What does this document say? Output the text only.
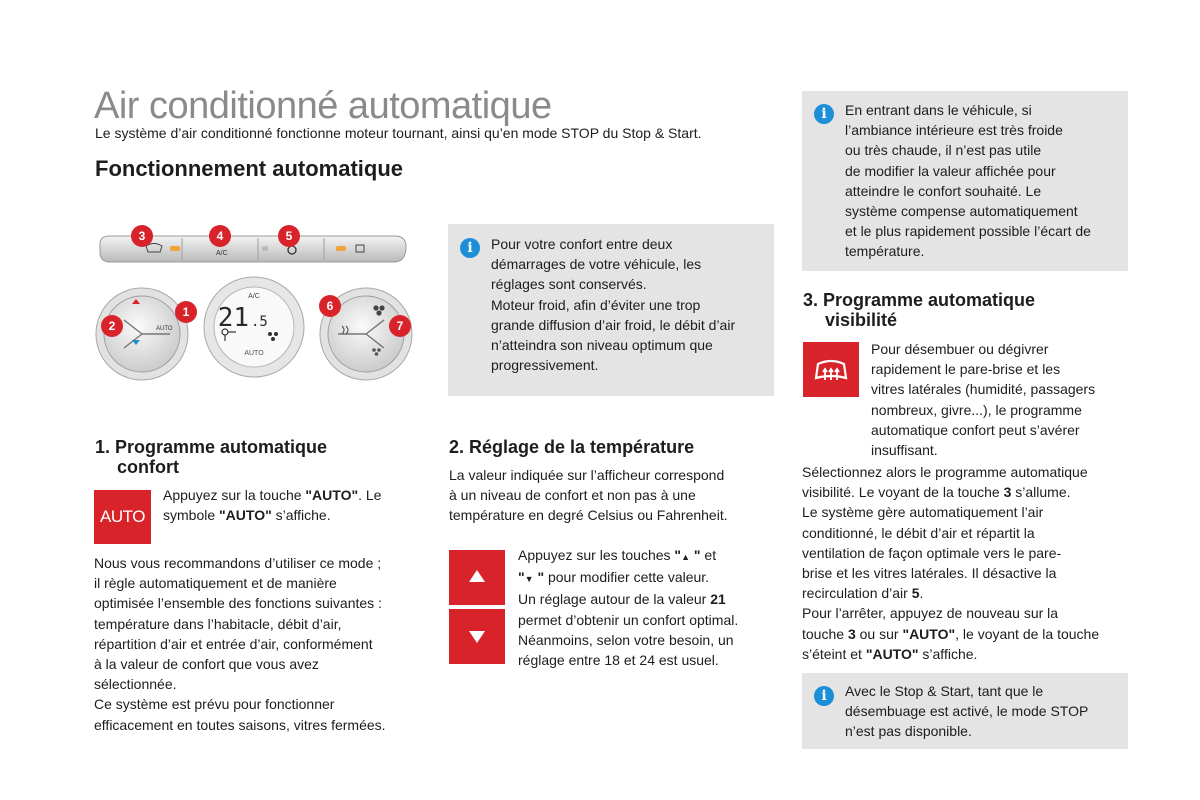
Air conditionné automatique
Le système d’air conditionné fonctionne moteur tournant, ainsi qu’en mode STOP du Stop & Start.
Fonctionnement automatique
A/C
3	4	5
AUTO
A/C
21 .5
AUTO
1
2
6
7
i	Pour votre confort entre deux

démarrages de votre véhicule, les

réglages sont conservés.

Moteur froid, afin d’éviter une trop

grande diffusion d’air froid, le débit d’air

n’atteindra son niveau optimum que

progressivement.

1. Programme automatique
confort
AUTO

Appuyez sur la touche "AUTO". Le

symbole "AUTO" s’affiche.

Nous vous recommandons d’utiliser ce mode ;

il règle automatiquement et de manière

optimisée l’ensemble des fonctions suivantes :

température dans l’habitacle, débit d’air,

répartition d’air et entrée d’air, conformément

à la valeur de confort que vous avez

sélectionnée.

Ce système est prévu pour fonctionner

efficacement en toutes saisons, vitres fermées.

2. Réglage de la température

La valeur indiquée sur l’afficheur correspond

à un niveau de confort et non pas à une

température en degré Celsius ou Fahrenheit.

Appuyez sur les touches "▲ " et

"▼ " pour modifier cette valeur.

Un réglage autour de la valeur 21

permet d’obtenir un confort optimal.

Néanmoins, selon votre besoin, un

réglage entre 18 et 24 est usuel.

i	En entrant dans le véhicule, si

l’ambiance intérieure est très froide

ou très chaude, il n’est pas utile

de modifier la valeur affichée pour

atteindre le confort souhaité. Le

système compense automatiquement

et le plus rapidement possible l’écart de

température.

3. Programme automatique
visibilité

Pour désembuer ou dégivrer

rapidement le pare-brise et les

vitres latérales (humidité, passagers

nombreux, givre...), le programme

automatique confort peut s’avérer

insuffisant.

Sélectionnez alors le programme automatique

visibilité. Le voyant de la touche 3 s’allume.

Le système gère automatiquement l’air

conditionné, le débit d’air et répartit la

ventilation de façon optimale vers le pare-

brise et les vitres latérales. Il désactive la

recirculation d’air 5.

Pour l’arrêter, appuyez de nouveau sur la

touche 3 ou sur "AUTO", le voyant de la touche

s’éteint et "AUTO" s’affiche.

i	Avec le Stop & Start, tant que le

désembuage est activé, le mode STOP

n’est pas disponible.
